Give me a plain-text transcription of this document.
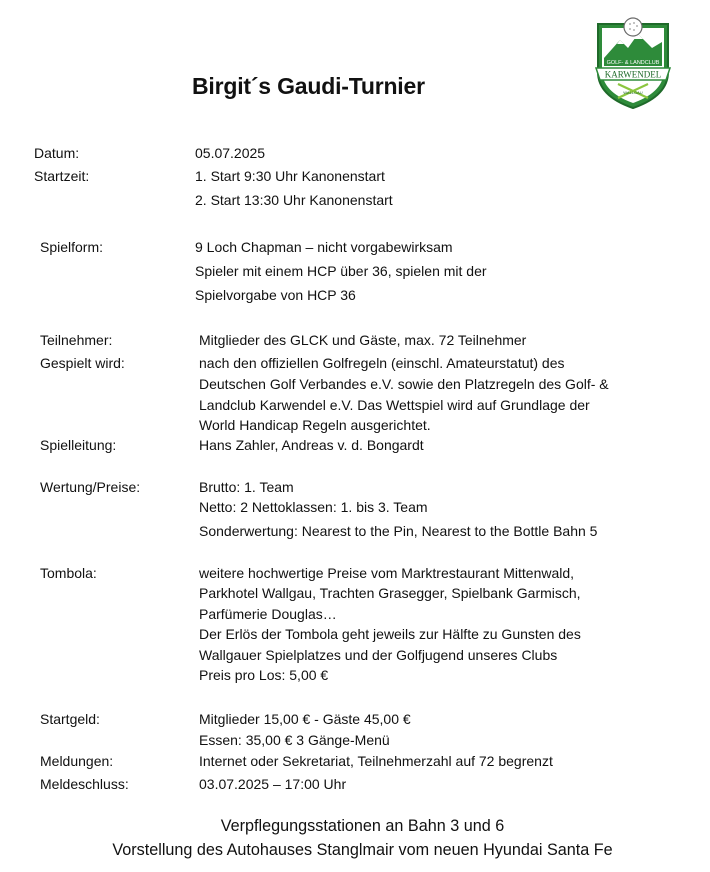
Birgit´s Gaudi-Turnier
GOLF- & LANDCLUB
KARWENDEL
WALLGAU
Datum:	05.07.2025
Startzeit:	1. Start 9:30 Uhr Kanonenstart
2. Start 13:30 Uhr Kanonenstart
Spielform:	9 Loch Chapman – nicht vorgabewirksam
Spieler mit einem HCP über 36, spielen mit der
Spielvorgabe von HCP 36
Teilnehmer:	Mitglieder des GLCK und Gäste, max. 72 Teilnehmer
Gespielt wird:	nach den offiziellen Golfregeln (einschl. Amateurstatut) des
Deutschen Golf Verbandes e.V. sowie den Platzregeln des Golf- &
Landclub Karwendel e.V. Das Wettspiel wird auf Grundlage der
World Handicap Regeln ausgerichtet.
Spielleitung:	Hans Zahler, Andreas v. d. Bongardt
Wertung/Preise:	Brutto: 1. Team
Netto: 2 Nettoklassen: 1. bis 3. Team
Sonderwertung: Nearest to the Pin, Nearest to the Bottle Bahn 5
Tombola:	weitere hochwertige Preise vom Marktrestaurant Mittenwald,
Parkhotel Wallgau, Trachten Grasegger, Spielbank Garmisch,
Parfümerie Douglas…
Der Erlös der Tombola geht jeweils zur Hälfte zu Gunsten des
Wallgauer Spielplatzes und der Golfjugend unseres Clubs
Preis pro Los: 5,00 €
Startgeld:	Mitglieder 15,00 € - Gäste 45,00 €
Essen: 35,00 € 3 Gänge-Menü
Meldungen:	Internet oder Sekretariat, Teilnehmerzahl auf 72 begrenzt
Meldeschluss:	03.07.2025 – 17:00 Uhr
Verpflegungsstationen an Bahn 3 und 6
Vorstellung des Autohauses Stanglmair vom neuen Hyundai Santa Fe
